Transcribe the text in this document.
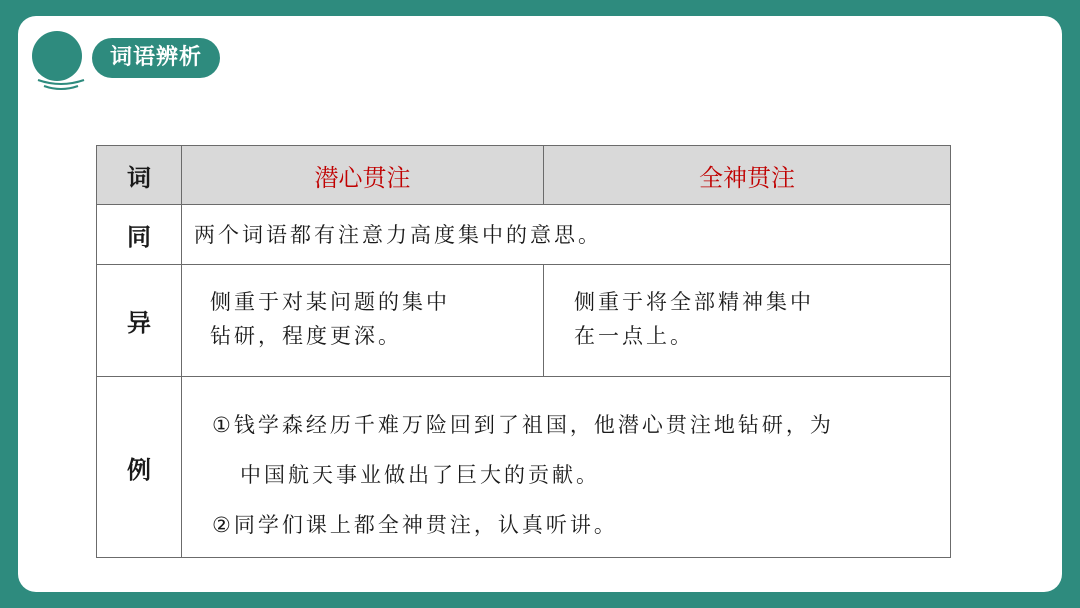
词语辨析
词	潜心贯注	全神贯注
同 两个词语都有注意力高度集中的意思。
异
侧重于对某问题的集中
钻研，程度更深。
侧重于将全部精神集中
在一点上。
例
①钱学森经历千难万险回到了祖国，他潜心贯注地钻研，为
中国航天事业做出了巨大的贡献。
②同学们课上都全神贯注，认真听讲。
